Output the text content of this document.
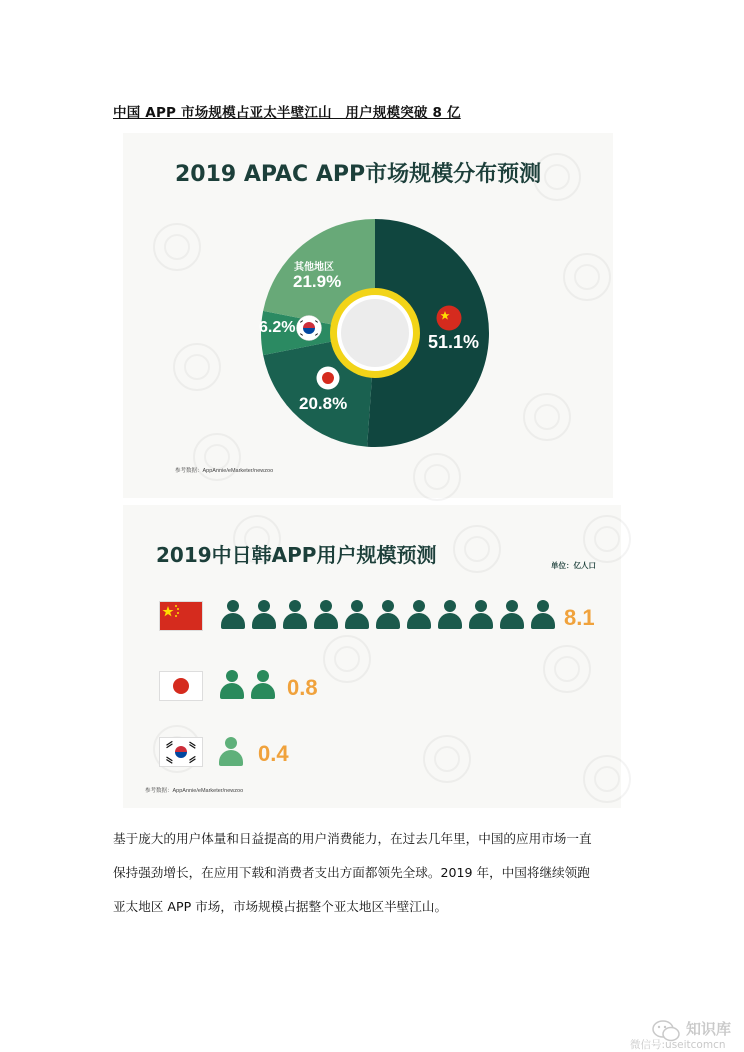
中国 APP 市场规模占亚太半壁江山　用户规模突破 8 亿
2019 APAC APP市场规模分布预测
51.1%
20.8%
6.2%
其他地区
21.9%
参考数据：AppAnnie/eMarketer/newzoo
2019中日韩APP用户规模预测	单位：亿人口
8.1
0.8
0.4
参考数据：AppAnnie/eMarketer/newzoo
基于庞大的用户体量和日益提高的用户消费能力，在过去几年里，中国的应用市场一直
保持强劲增长，在应用下载和消费者支出方面都领先全球。2019 年，中国将继续领跑
亚太地区 APP 市场，市场规模占据整个亚太地区半壁江山。
知识库
微信号:useitcomcn
